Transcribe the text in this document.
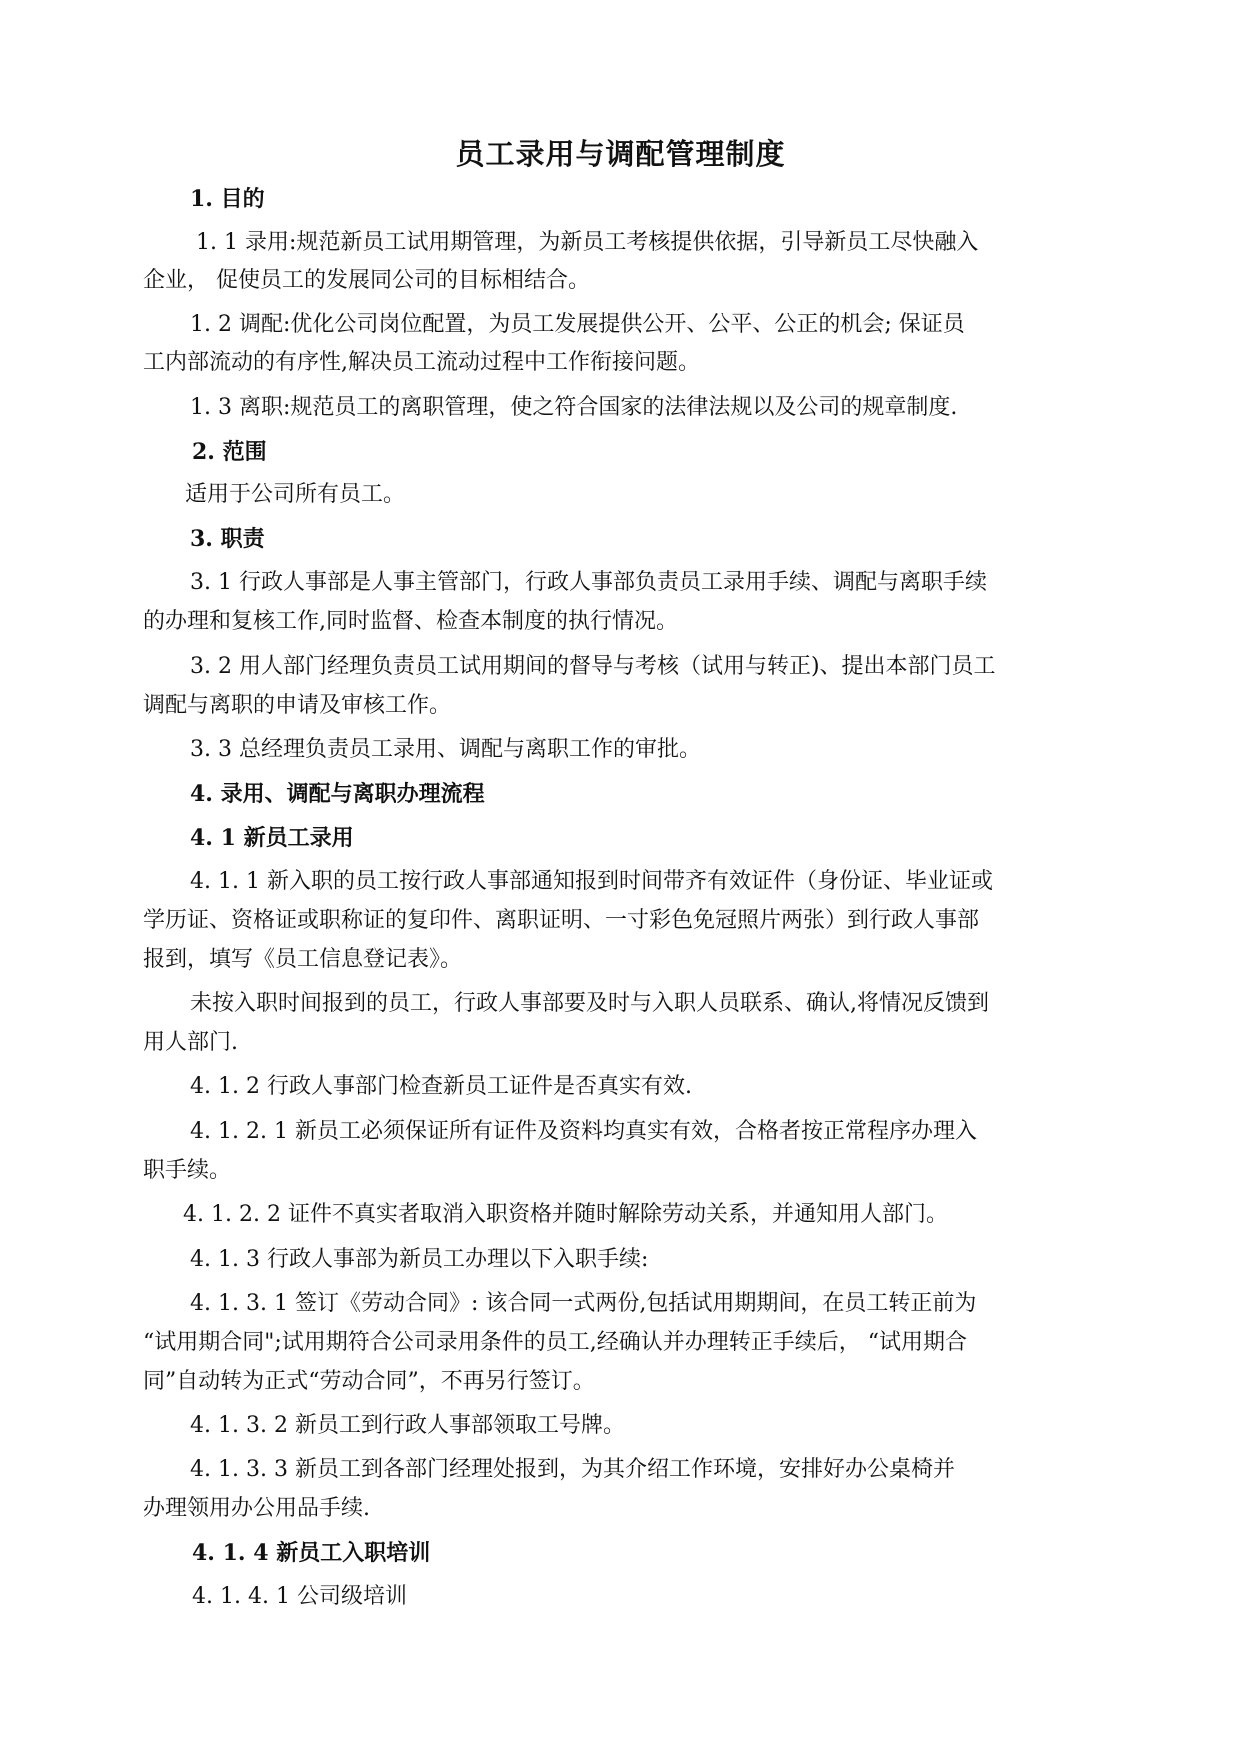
员工录用与调配管理制度
1. 目的
1. 1 录用:规范新员工试用期管理，为新员工考核提供依据，引导新员工尽快融入
企业， 促使员工的发展同公司的目标相结合。
1. 2 调配:优化公司岗位配置，为员工发展提供公开、公平、公正的机会; 保证员
工内部流动的有序性,解决员工流动过程中工作衔接问题。
1. 3 离职:规范员工的离职管理，使之符合国家的法律法规以及公司的规章制度.
2. 范围
适用于公司所有员工。
3. 职责
3. 1 行政人事部是人事主管部门，行政人事部负责员工录用手续、调配与离职手续
的办理和复核工作,同时监督、检查本制度的执行情况。
3. 2 用人部门经理负责员工试用期间的督导与考核（试用与转正)、提出本部门员工
调配与离职的申请及审核工作。
3. 3 总经理负责员工录用、调配与离职工作的审批。
4. 录用、调配与离职办理流程
4. 1 新员工录用
4. 1. 1 新入职的员工按行政人事部通知报到时间带齐有效证件（身份证、毕业证或
学历证、资格证或职称证的复印件、离职证明、一寸彩色免冠照片两张）到行政人事部
报到，填写《员工信息登记表》。
未按入职时间报到的员工，行政人事部要及时与入职人员联系、确认,将情况反馈到
用人部门.
4. 1. 2 行政人事部门检查新员工证件是否真实有效.
4. 1. 2. 1 新员工必须保证所有证件及资料均真实有效，合格者按正常程序办理入
职手续。
4. 1. 2. 2 证件不真实者取消入职资格并随时解除劳动关系，并通知用人部门。
4. 1. 3 行政人事部为新员工办理以下入职手续:
4. 1. 3. 1 签订《劳动合同》: 该合同一式两份,包括试用期期间，在员工转正前为
“试用期合同";试用期符合公司录用条件的员工,经确认并办理转正手续后， “试用期合
同”自动转为正式“劳动合同”，不再另行签订。
4. 1. 3. 2 新员工到行政人事部领取工号牌。
4. 1. 3. 3 新员工到各部门经理处报到，为其介绍工作环境，安排好办公桌椅并
办理领用办公用品手续.
4. 1. 4 新员工入职培训
4. 1. 4. 1 公司级培训
